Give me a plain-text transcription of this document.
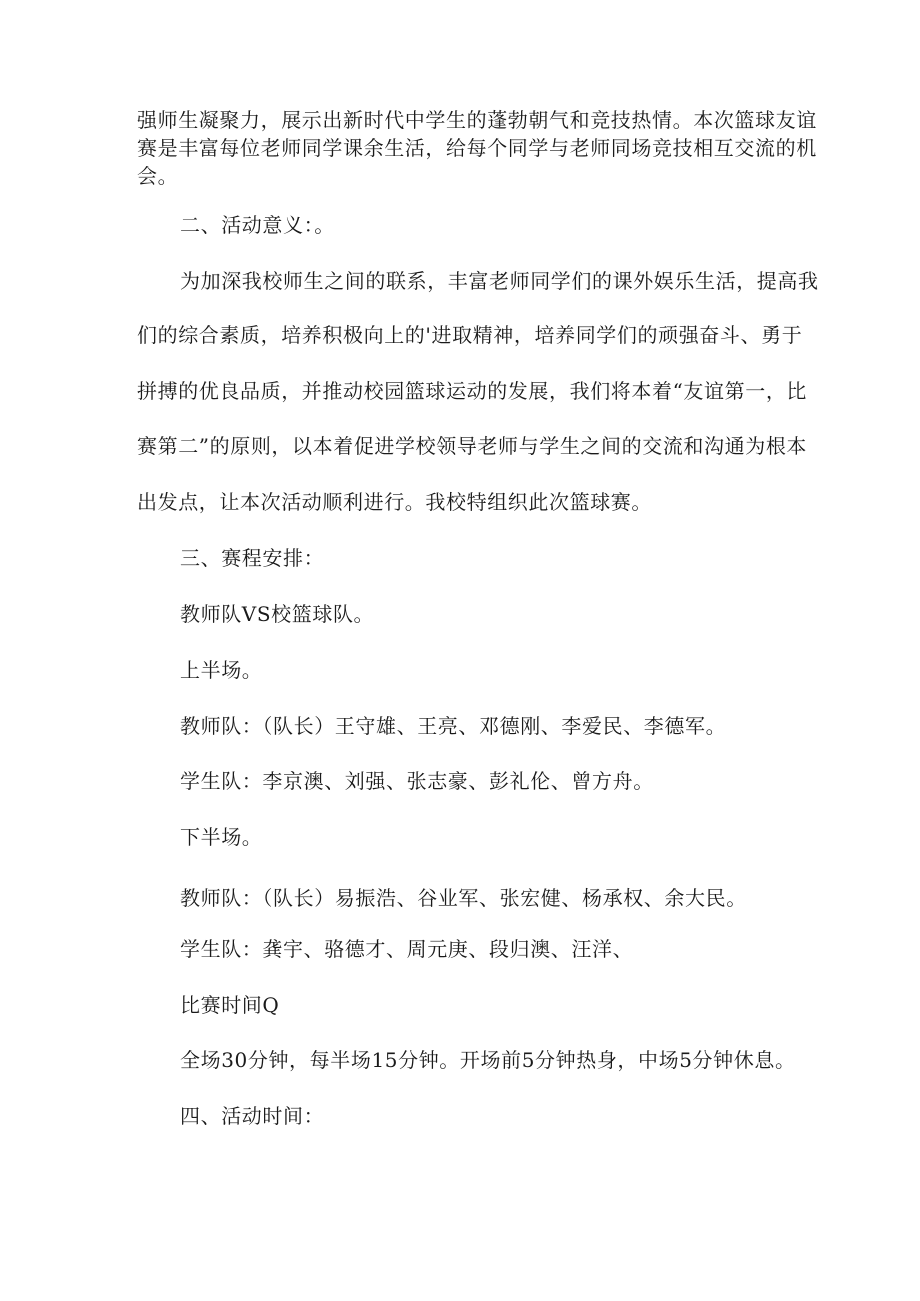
强师生凝聚力，展示出新时代中学生的蓬勃朝气和竞技热情。本次篮球友谊
赛是丰富每位老师同学课余生活，给每个同学与老师同场竞技相互交流的机
会。
二、活动意义：。
为加深我校师生之间的联系，丰富老师同学们的课外娱乐生活，提高我
们的综合素质，培养积极向上的'进取精神，培养同学们的顽强奋斗、勇于
拼搏的优良品质，并推动校园篮球运动的发展，我们将本着“友谊第一，比
赛第二”的原则，以本着促进学校领导老师与学生之间的交流和沟通为根本
出发点，让本次活动顺利进行。我校特组织此次篮球赛。
三、赛程安排：
教师队VS校篮球队。
上半场。
教师队：（队长）王守雄、王亮、邓德刚、李爱民、李德军。
学生队：李京澳、刘强、张志豪、彭礼伦、曾方舟。
下半场。
教师队：（队长）易振浩、谷业军、张宏健、杨承权、余大民。
学生队：龚宇、骆德才、周元庚、段归澳、汪洋、
比赛时间Q
全场30分钟，每半场15分钟。开场前5分钟热身，中场5分钟休息。
四、活动时间：
